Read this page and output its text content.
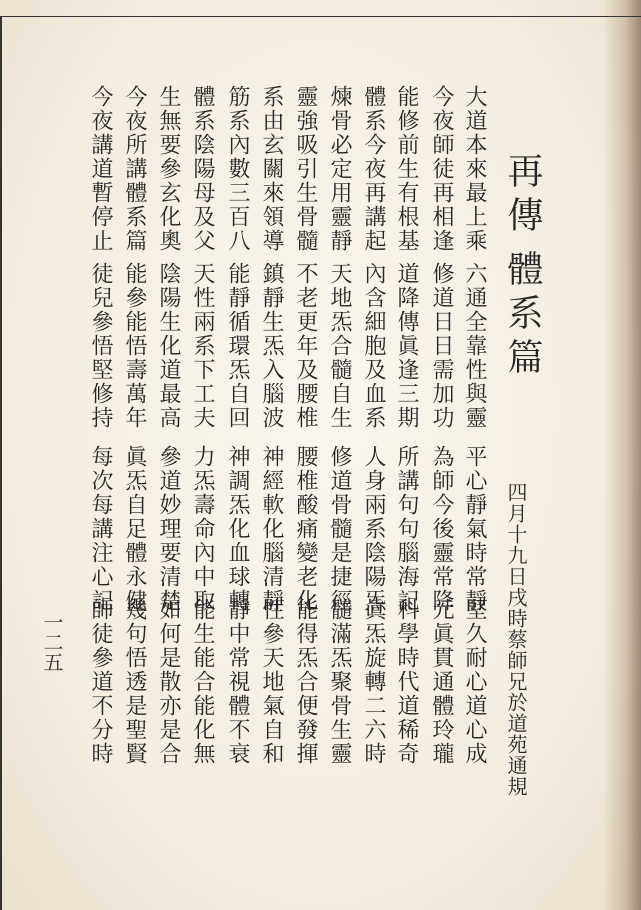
再傳
體系篇
四月十九日戌時蔡師兄於道苑通規
大道本來最上乘
六通全靠性與靈
平心靜氣時常靜
堅久耐心道心成
今夜師徒再相逢
修道日日需加功
為師今後靈常降
元眞貫通體玲瓏
能修前生有根基
道降傳眞逢三期
所講句句腦海記
科學時代道稀奇
體系今夜再講起
內含細胞及血系
人身兩系陰陽炁
眞炁旋轉二六時
煉骨必定用靈靜
天地炁合髓自生
修道骨髓是捷徑
髓滿炁聚骨生靈
靈強吸引生骨髓
不老更年及腰椎
腰椎酸痛變老化
能得炁合便發揮
系由玄關來領導
鎮靜生炁入腦波
神經軟化腦清靜
性參天地氣自和
筋系內數三百八
能靜循環炁自回
神調炁化血球轉
靜中常視體不衰
體系陰陽母及父
天性兩系下工夫
力炁壽命內中取
能生能合能化無
生無要參玄化奧
陰陽生化道最高
參道妙理要清楚
如何是散亦是合
今夜所講體系篇
能參能悟壽萬年
眞炁自足體永健
幾句悟透是聖賢
今夜講道暫停止
徒兒參悟堅修持
每次每講注心記
師徒參道不分時
一二五
